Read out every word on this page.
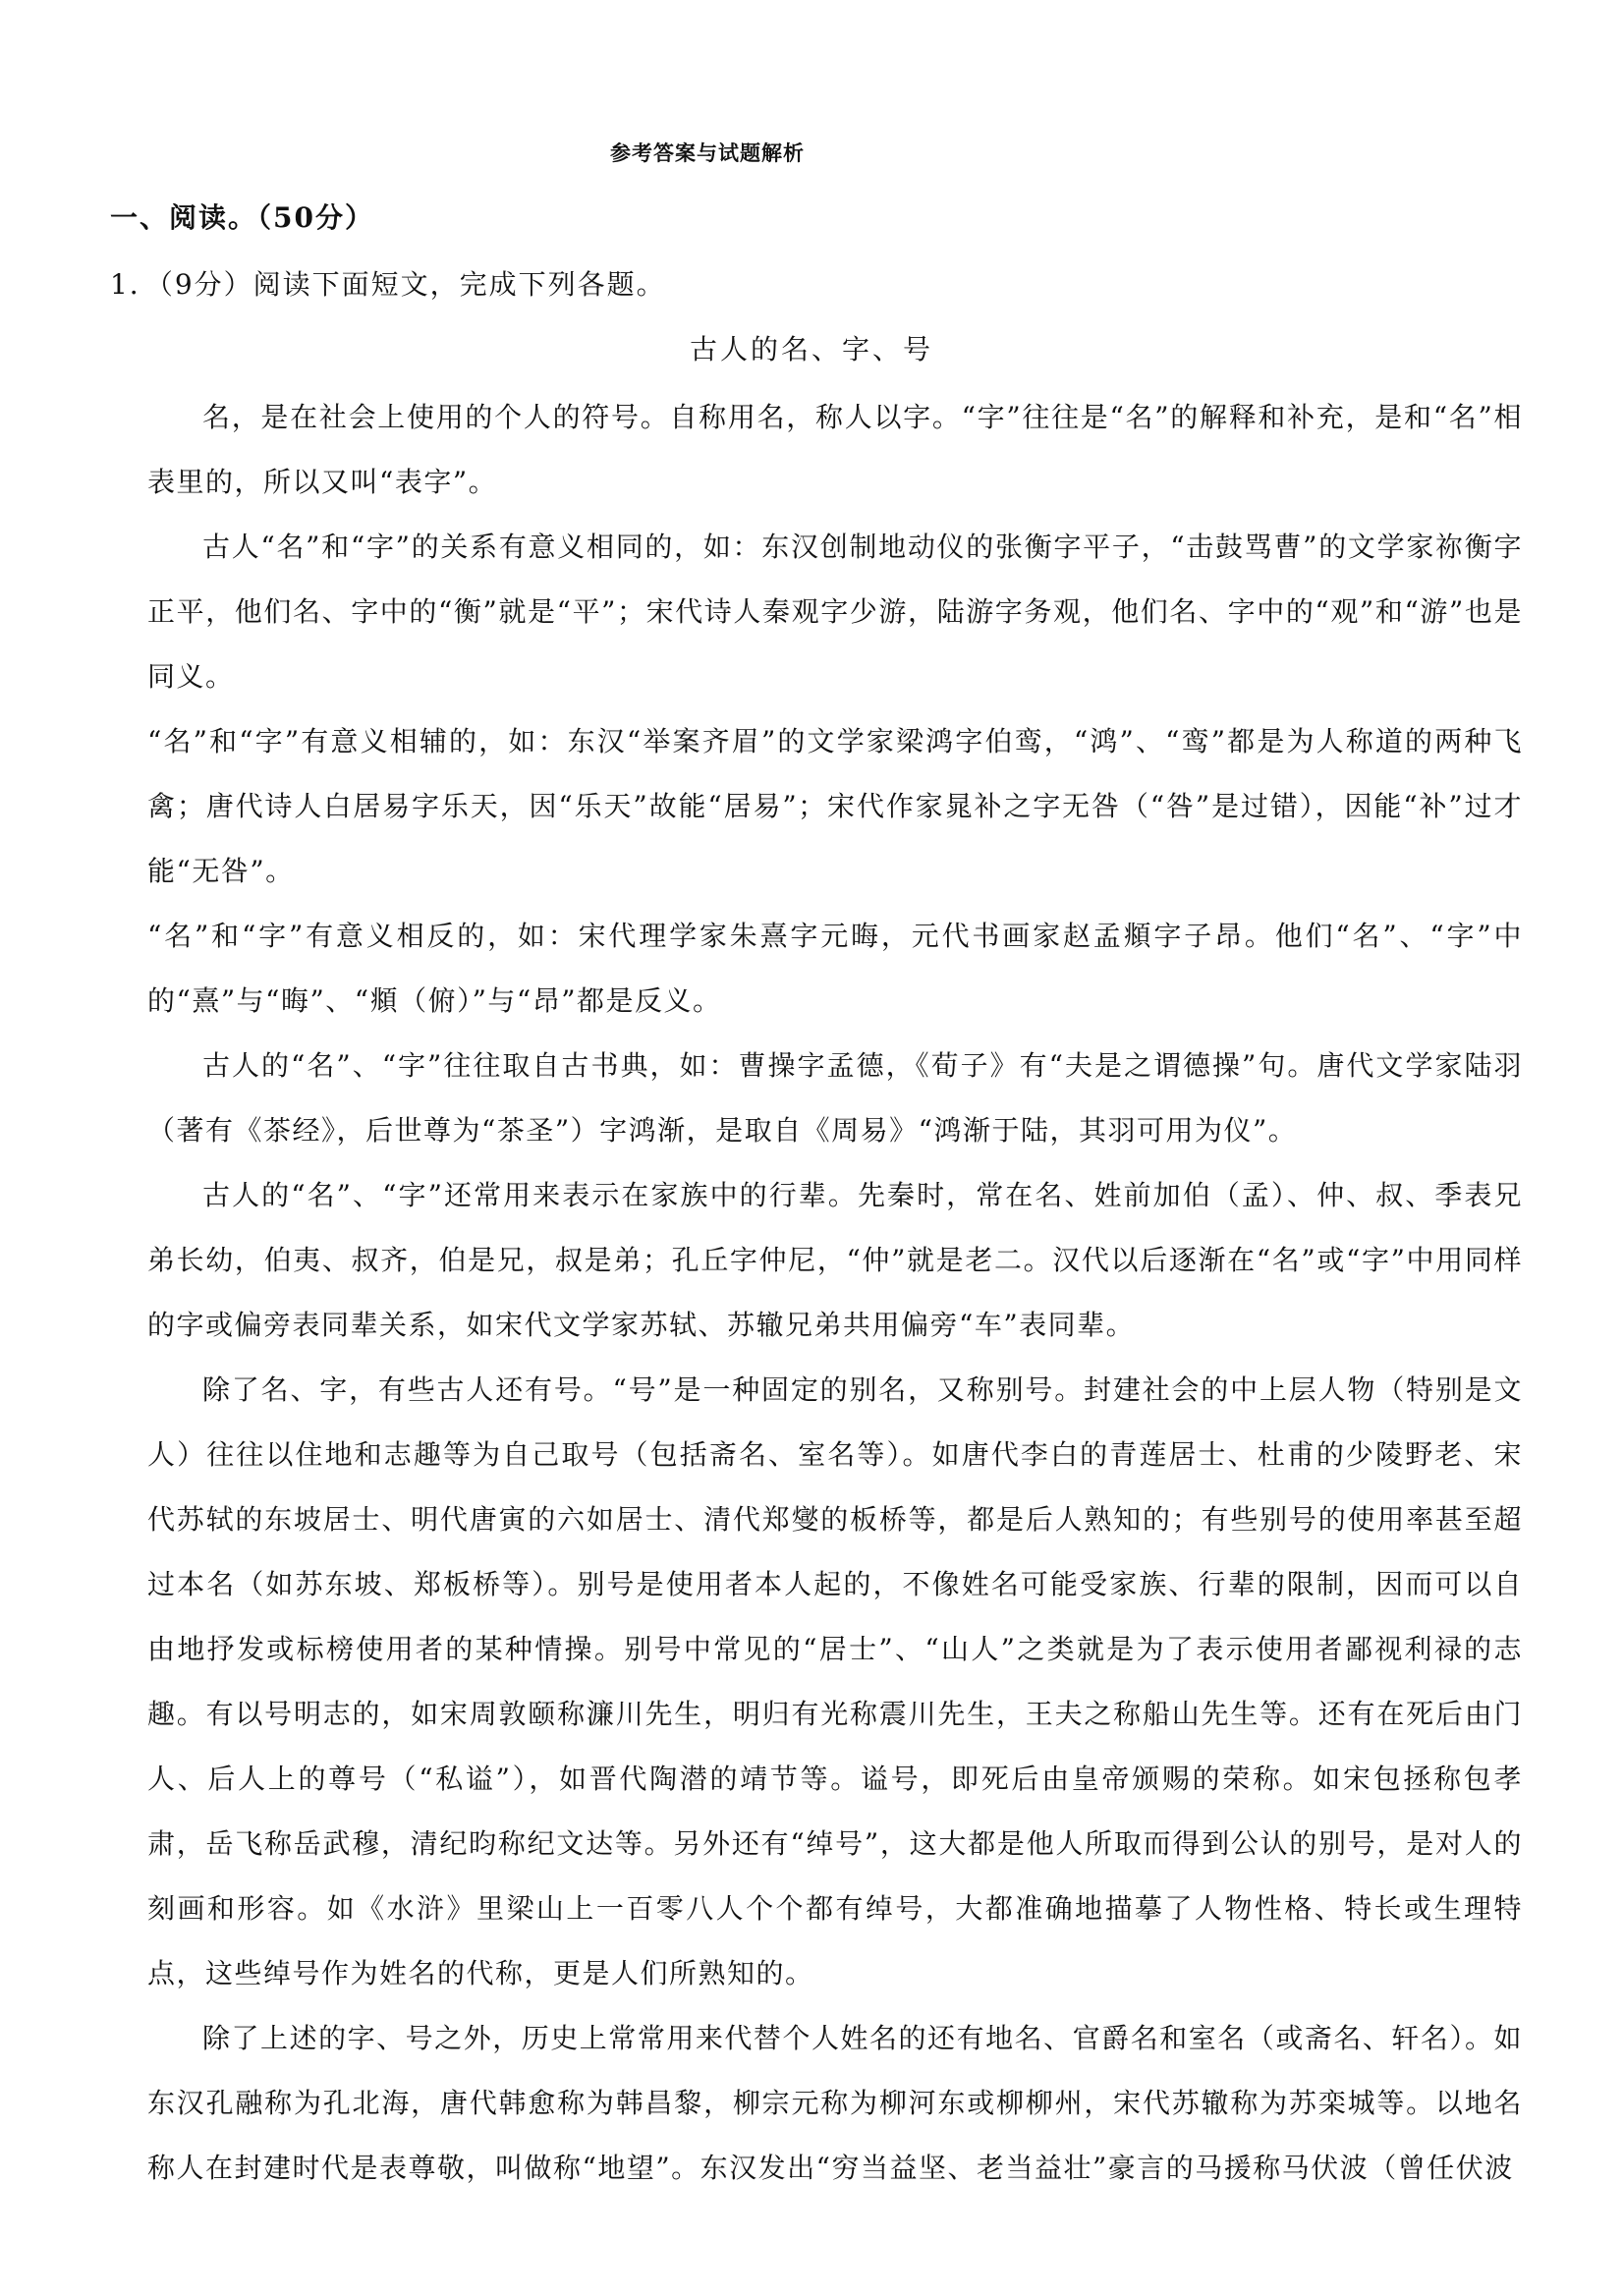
参考答案与试题解析
一、阅读。（50分）
1．（9分）阅读下面短文，完成下列各题。
古人的名、字、号

名，是在社会上使用的个人的符号。自称用名，称人以字。“字”往往是“名”的解释和补充，是和“名”相表里的，所以又叫“表字”。

古人“名”和“字”的关系有意义相同的，如：东汉创制地动仪的张衡字平子，“击鼓骂曹”的文学家祢衡字正平，他们名、字中的“衡”就是“平”；宋代诗人秦观字少游，陆游字务观，他们名、字中的“观”和“游”也是同义。

“名”和“字”有意义相辅的，如：东汉“举案齐眉”的文学家梁鸿字伯鸾，“鸿”、“鸾”都是为人称道的两种飞禽；唐代诗人白居易字乐天，因“乐天”故能“居易”；宋代作家晁补之字无咎（“咎”是过错），因能“补”过才能“无咎”。

“名”和“字”有意义相反的，如：宋代理学家朱熹字元晦，元代书画家赵孟頫字子昂。他们“名”、“字”中的“熹”与“晦”、“頫（俯）”与“昂”都是反义。

古人的“名”、“字”往往取自古书典，如：曹操字孟德，《荀子》有“夫是之谓德操”句。唐代文学家陆羽（著有《茶经》，后世尊为“茶圣”）字鸿渐，是取自《周易》“鸿渐于陆，其羽可用为仪”。

古人的“名”、“字”还常用来表示在家族中的行辈。先秦时，常在名、姓前加伯（孟）、仲、叔、季表兄弟长幼，伯夷、叔齐，伯是兄，叔是弟；孔丘字仲尼，“仲”就是老二。汉代以后逐渐在“名”或“字”中用同样的字或偏旁表同辈关系，如宋代文学家苏轼、苏辙兄弟共用偏旁“车”表同辈。

除了名、字，有些古人还有号。“号”是一种固定的别名，又称别号。封建社会的中上层人物（特别是文人）往往以住地和志趣等为自己取号（包括斋名、室名等）。如唐代李白的青莲居士、杜甫的少陵野老、宋代苏轼的东坡居士、明代唐寅的六如居士、清代郑燮的板桥等，都是后人熟知的；有些别号的使用率甚至超过本名（如苏东坡、郑板桥等）。别号是使用者本人起的，不像姓名可能受家族、行辈的限制，因而可以自由地抒发或标榜使用者的某种情操。别号中常见的“居士”、“山人”之类就是为了表示使用者鄙视利禄的志趣。有以号明志的，如宋周敦颐称濂川先生，明归有光称震川先生，王夫之称船山先生等。还有在死后由门人、后人上的尊号（“私谥”），如晋代陶潜的靖节等。谥号，即死后由皇帝颁赐的荣称。如宋包拯称包孝肃，岳飞称岳武穆，清纪昀称纪文达等。另外还有“绰号”，这大都是他人所取而得到公认的别号，是对人的刻画和形容。如《水浒》里梁山上一百零八人个个都有绰号，大都准确地描摹了人物性格、特长或生理特点，这些绰号作为姓名的代称，更是人们所熟知的。

除了上述的字、号之外，历史上常常用来代替个人姓名的还有地名、官爵名和室名（或斋名、轩名）。如东汉孔融称为孔北海，唐代韩愈称为韩昌黎，柳宗元称为柳河东或柳柳州，宋代苏辙称为苏栾城等。以地名称人在封建时代是表尊敬，叫做称“地望”。东汉发出“穷当益坚、老当益壮”豪言的马援称马伏波（曾任伏波
